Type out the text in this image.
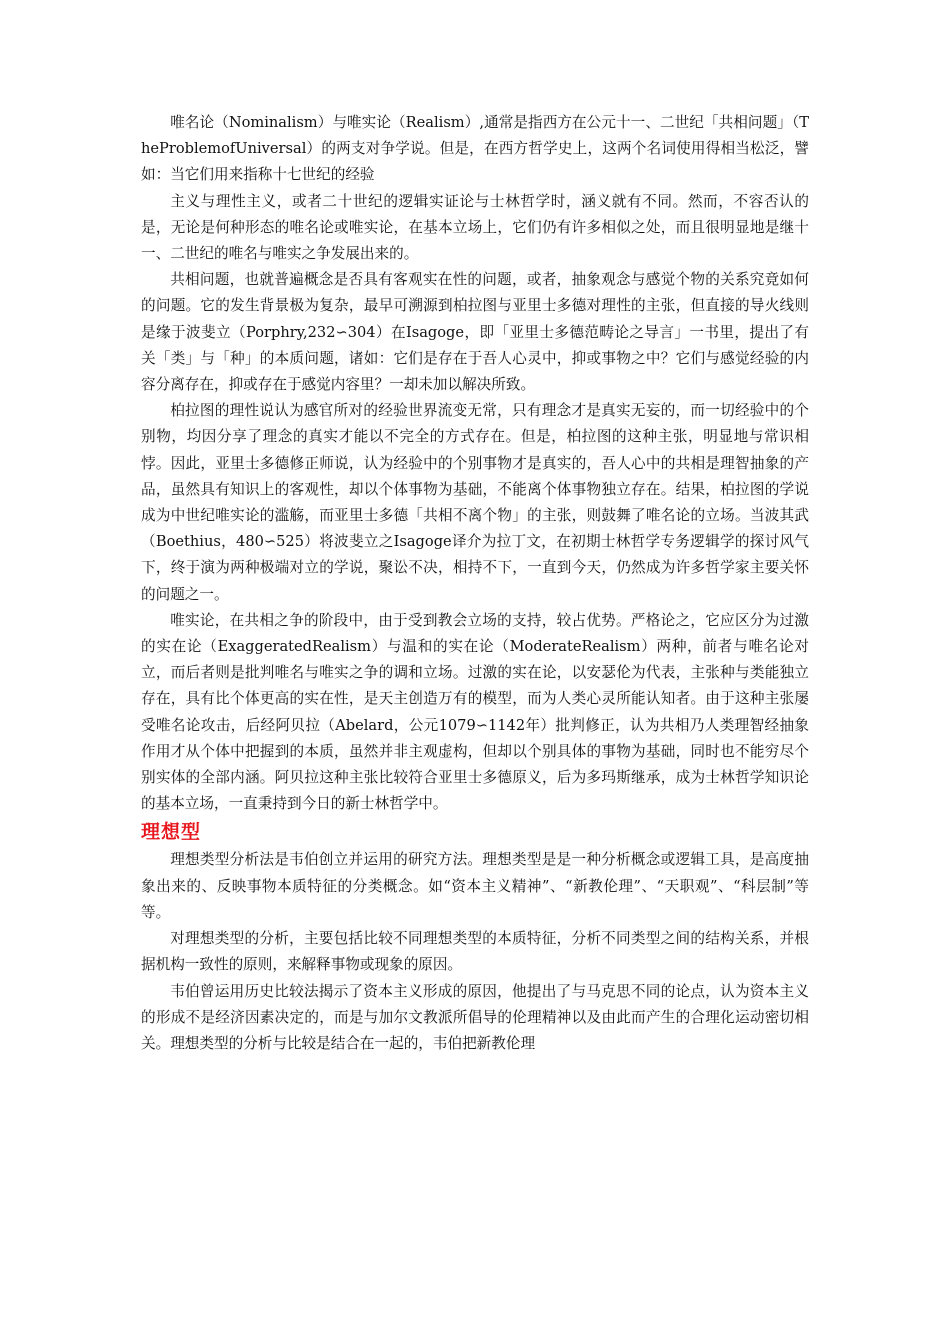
唯名论（Nominalism）与唯实论（Realism）,通常是指西方在公元十一、二世纪「共相问题」（TheProblemofUniversal）的两支对争学说。但是，在西方哲学史上，这两个名词使用得相当松泛，譬如：当它们用来指称十七世纪的经验

主义与理性主义，或者二十世纪的逻辑实证论与士林哲学时，涵义就有不同。然而，不容否认的是，无论是何种形态的唯名论或唯实论，在基本立场上，它们仍有许多相似之处，而且很明显地是继十一、二世纪的唯名与唯实之争发展出来的。

共相问题，也就普遍概念是否具有客观实在性的问题，或者，抽象观念与感觉个物的关系究竟如何的问题。它的发生背景极为复杂，最早可溯源到柏拉图与亚里士多德对理性的主张，但直接的导火线则是缘于波斐立（Porphry,232∽304）在Isagoge，即「亚里士多德范畴论之导言」一书里，提出了有关「类」与「种」的本质问题，诸如：它们是存在于吾人心灵中，抑或事物之中？它们与感觉经验的内容分离存在，抑或存在于感觉内容里？一却未加以解决所致。

柏拉图的理性说认为感官所对的经验世界流变无常，只有理念才是真实无妄的，而一切经验中的个别物，均因分享了理念的真实才能以不完全的方式存在。但是，柏拉图的这种主张，明显地与常识相悖。因此，亚里士多德修正师说，认为经验中的个别事物才是真实的，吾人心中的共相是理智抽象的产品，虽然具有知识上的客观性，却以个体事物为基础，不能离个体事物独立存在。结果，柏拉图的学说成为中世纪唯实论的滥觞，而亚里士多德「共相不离个物」的主张，则鼓舞了唯名论的立场。当波其武（Boethius，480∽525）将波斐立之Isagoge译介为拉丁文，在初期士林哲学专务逻辑学的探讨风气下，终于演为两种极端对立的学说，聚讼不决，相持不下，一直到今天，仍然成为许多哲学家主要关怀的问题之一。

唯实论，在共相之争的阶段中，由于受到教会立场的支持，较占优势。严格论之，它应区分为过激的实在论（ExaggeratedRealism）与温和的实在论（ModerateRealism）两种，前者与唯名论对立，而后者则是批判唯名与唯实之争的调和立场。过激的实在论，以安瑟伦为代表，主张种与类能独立存在，具有比个体更高的实在性，是天主创造万有的模型，而为人类心灵所能认知者。由于这种主张屡受唯名论攻击，后经阿贝拉（Abelard，公元1079∽1142年）批判修正，认为共相乃人类理智经抽象作用才从个体中把握到的本质，虽然并非主观虚构，但却以个别具体的事物为基础，同时也不能穷尽个别实体的全部内涵。阿贝拉这种主张比较符合亚里士多德原义，后为多玛斯继承，成为士林哲学知识论的基本立场，一直秉持到今日的新士林哲学中。

理想型

理想类型分析法是韦伯创立并运用的研究方法。理想类型是是一种分析概念或逻辑工具，是高度抽象出来的、反映事物本质特征的分类概念。如“资本主义精神”、“新教伦理”、“天职观”、“科层制”等等。

对理想类型的分析，主要包括比较不同理想类型的本质特征，分析不同类型之间的结构关系，并根据机构一致性的原则，来解释事物或现象的原因。

韦伯曾运用历史比较法揭示了资本主义形成的原因，他提出了与马克思不同的论点，认为资本主义的形成不是经济因素决定的，而是与加尔文教派所倡导的伦理精神以及由此而产生的合理化运动密切相关。理想类型的分析与比较是结合在一起的，韦伯把新教伦理
